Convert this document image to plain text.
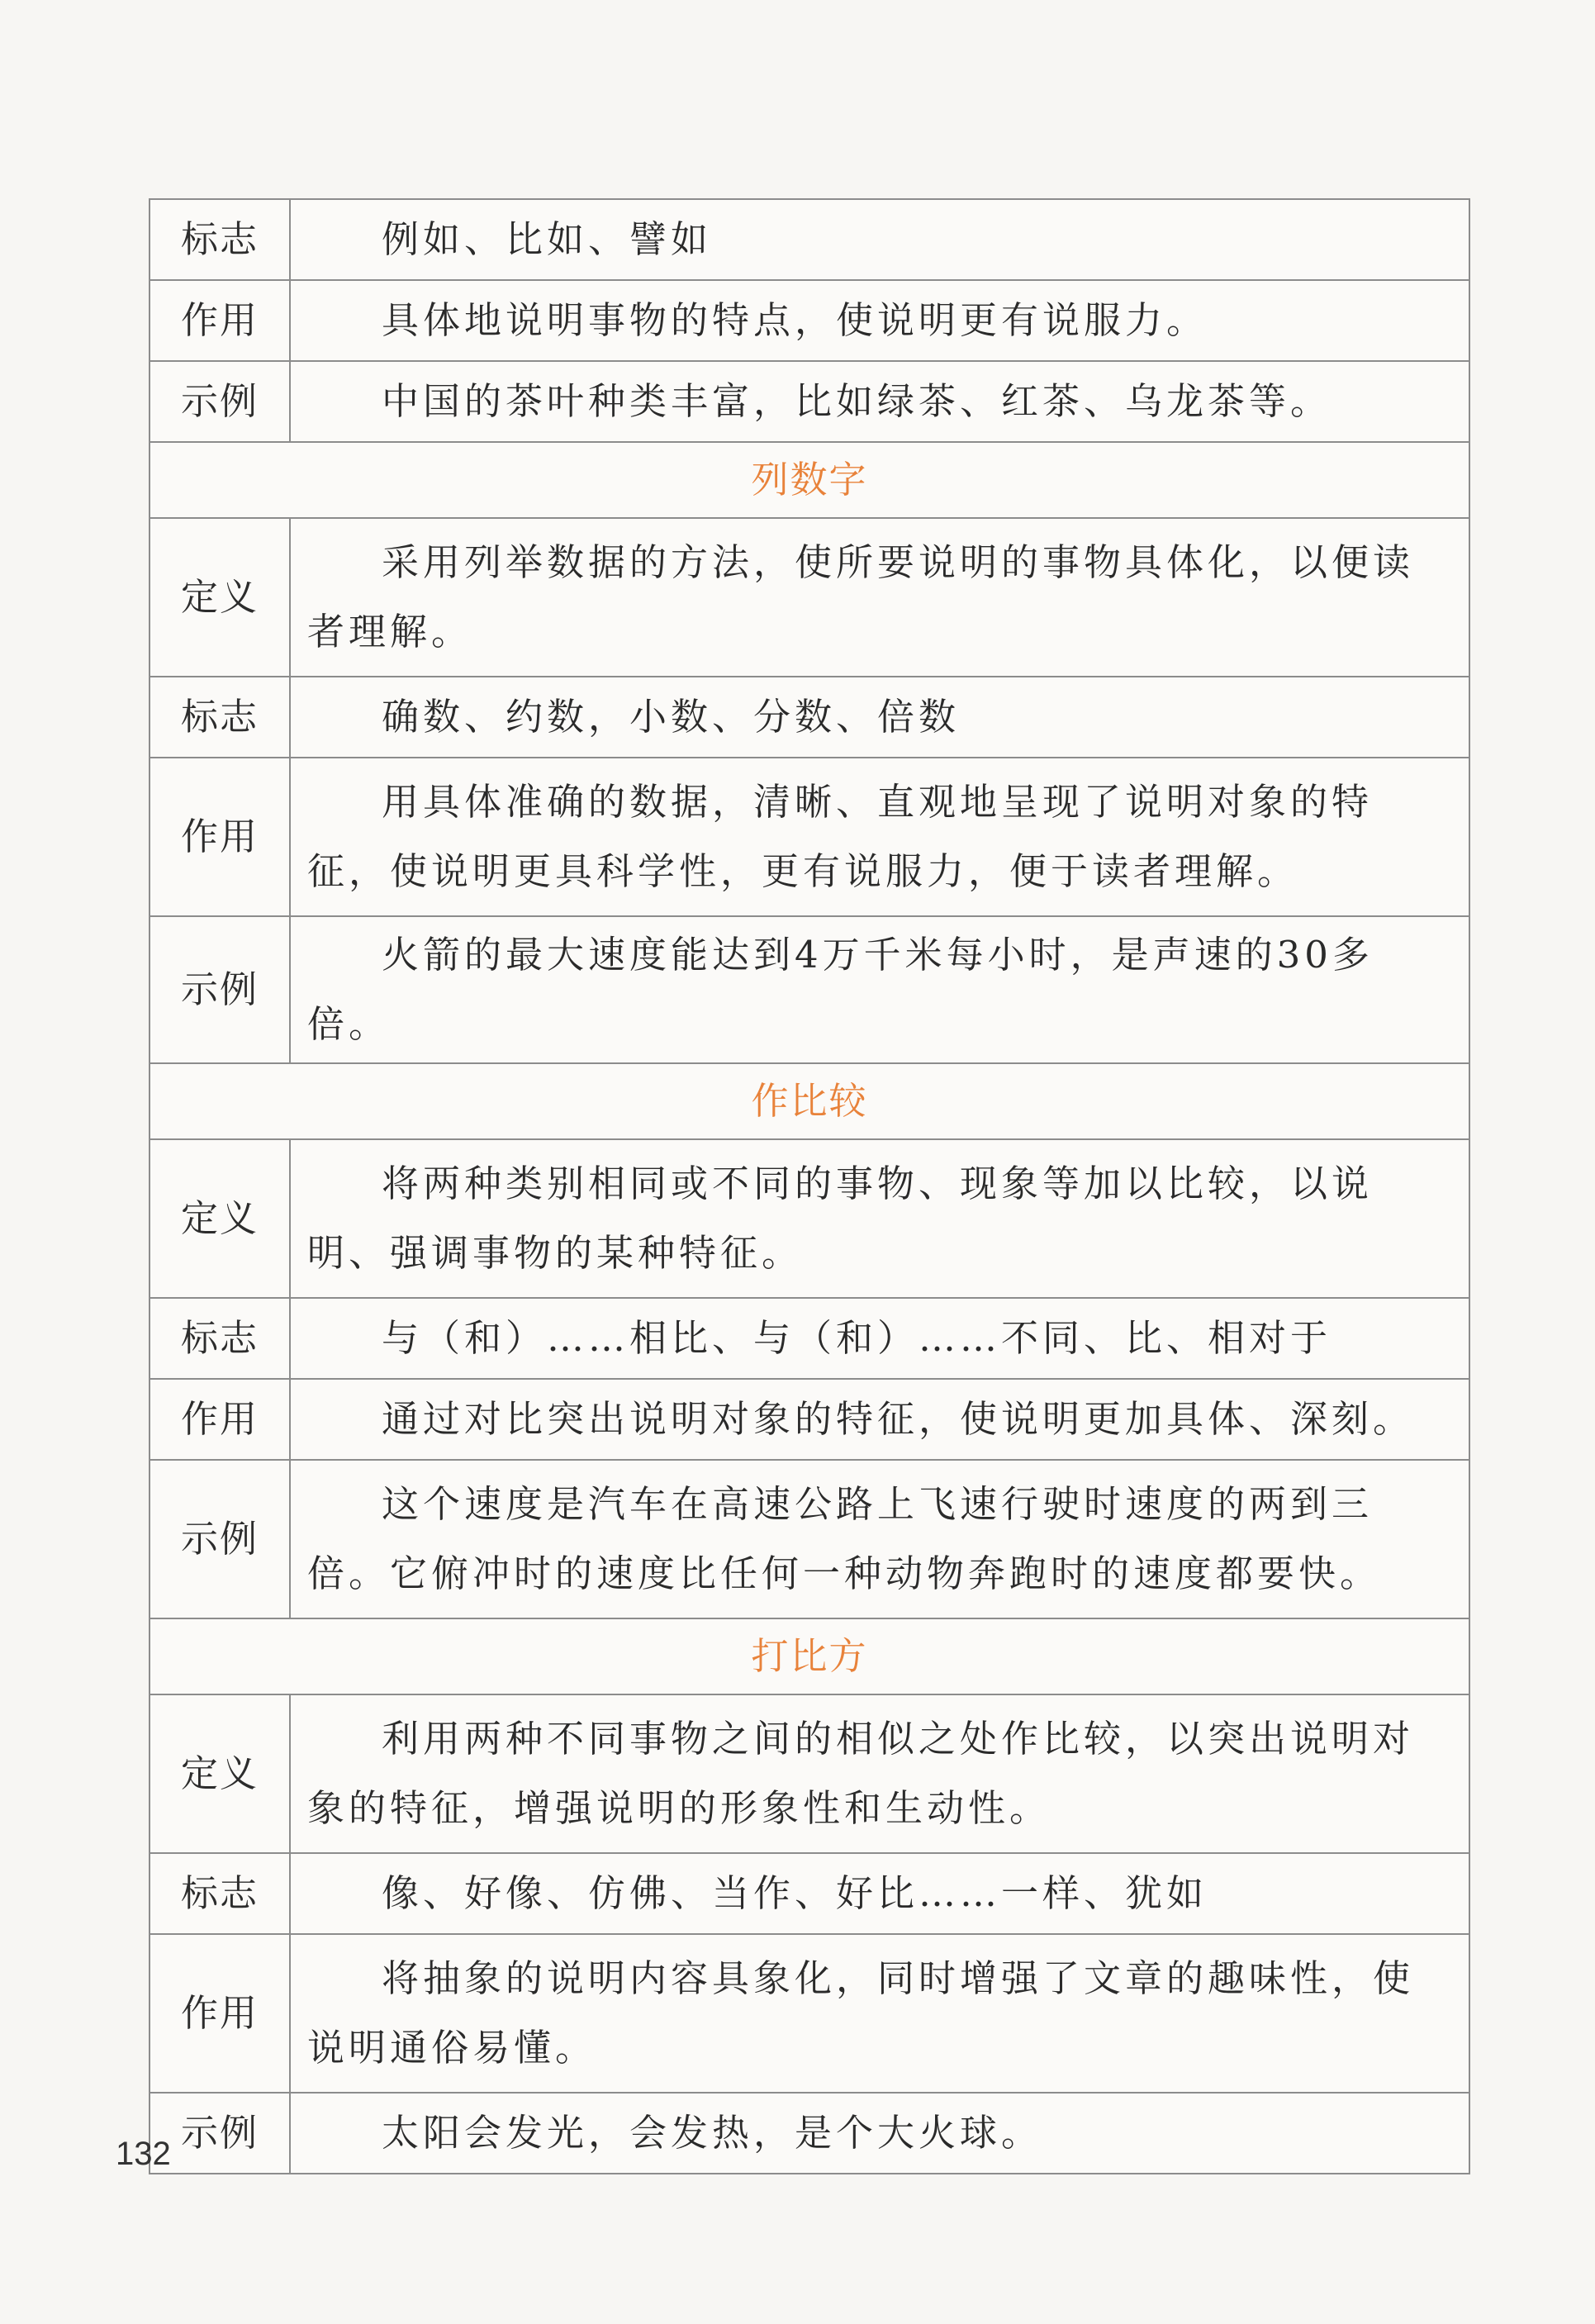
标志	例如、比如、譬如
作用	具体地说明事物的特点，使说明更有说服力。
示例	中国的茶叶种类丰富，比如绿茶、红茶、乌龙茶等。
列数字	
定义	采用列举数据的方法，使所要说明的事物具体化，以便读者理解。
标志	确数、约数，小数、分数、倍数
作用	用具体准确的数据，清晰、直观地呈现了说明对象的特征，使说明更具科学性，更有说服力，便于读者理解。
示例	火箭的最大速度能达到4万千米每小时，是声速的30多倍。
作比较	
定义	将两种类别相同或不同的事物、现象等加以比较，以说明、强调事物的某种特征。
标志	与（和）……相比、与（和）……不同、比、相对于
作用	通过对比突出说明对象的特征，使说明更加具体、深刻。
示例	这个速度是汽车在高速公路上飞速行驶时速度的两到三倍。它俯冲时的速度比任何一种动物奔跑时的速度都要快。
打比方	
定义	利用两种不同事物之间的相似之处作比较，以突出说明对象的特征，增强说明的形象性和生动性。
标志	像、好像、仿佛、当作、好比……一样、犹如
作用	将抽象的说明内容具象化，同时增强了文章的趣味性，使说明通俗易懂。
示例	太阳会发光，会发热，是个大火球。
132
